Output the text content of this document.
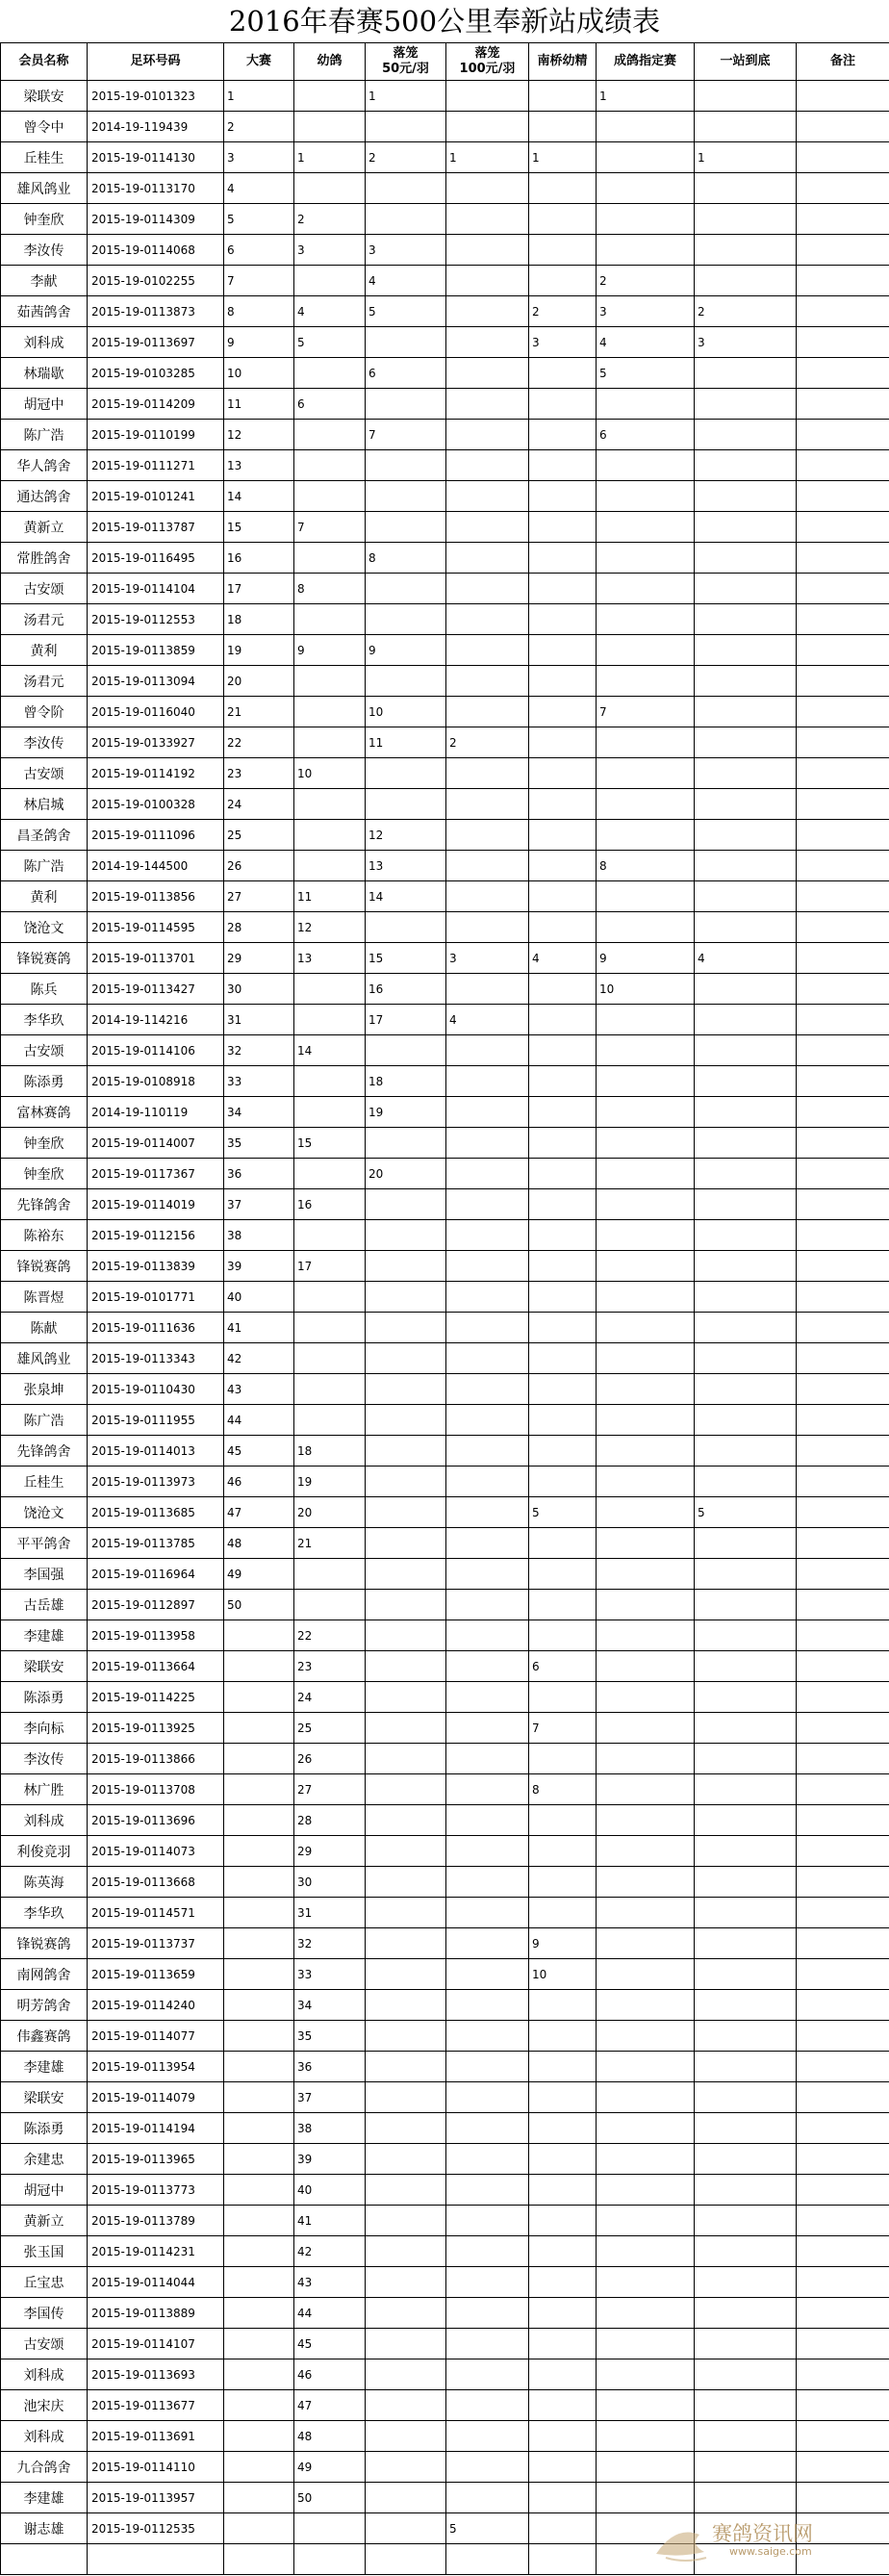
2016年春赛500公里奉新站成绩表
会员名称	足环号码	大赛	幼鸽	落笼
50元/羽	落笼
100元/羽	南桥幼精	成鸽指定赛	一站到底	备注
梁联安	2015-19-0101323	1		1			1		
曾令中	2014-19-119439	2							
丘桂生	2015-19-0114130	3	1	2	1	1		1	
雄风鸽业	2015-19-0113170	4							
钟奎欣	2015-19-0114309	5	2						
李汝传	2015-19-0114068	6	3	3					
李献	2015-19-0102255	7		4			2		
茹茜鸽舍	2015-19-0113873	8	4	5		2	3	2	
刘科成	2015-19-0113697	9	5			3	4	3	
林瑞歇	2015-19-0103285	10		6			5		
胡冠中	2015-19-0114209	11	6						
陈广浩	2015-19-0110199	12		7			6		
华人鸽舍	2015-19-0111271	13							
通达鸽舍	2015-19-0101241	14							
黄新立	2015-19-0113787	15	7						
常胜鸽舍	2015-19-0116495	16		8					
古安颂	2015-19-0114104	17	8						
汤君元	2015-19-0112553	18							
黄利	2015-19-0113859	19	9	9					
汤君元	2015-19-0113094	20							
曾令阶	2015-19-0116040	21		10			7		
李汝传	2015-19-0133927	22		11	2				
古安颂	2015-19-0114192	23	10						
林启城	2015-19-0100328	24							
昌圣鸽舍	2015-19-0111096	25		12					
陈广浩	2014-19-144500	26		13			8		
黄利	2015-19-0113856	27	11	14					
饶沧文	2015-19-0114595	28	12						
锋锐赛鸽	2015-19-0113701	29	13	15	3	4	9	4	
陈兵	2015-19-0113427	30		16			10		
李华玖	2014-19-114216	31		17	4				
古安颂	2015-19-0114106	32	14						
陈添勇	2015-19-0108918	33		18					
富林赛鸽	2014-19-110119	34		19					
钟奎欣	2015-19-0114007	35	15						
钟奎欣	2015-19-0117367	36		20					
先锋鸽舍	2015-19-0114019	37	16						
陈裕东	2015-19-0112156	38							
锋锐赛鸽	2015-19-0113839	39	17						
陈晋煜	2015-19-0101771	40							
陈献	2015-19-0111636	41							
雄风鸽业	2015-19-0113343	42							
张泉坤	2015-19-0110430	43							
陈广浩	2015-19-0111955	44							
先锋鸽舍	2015-19-0114013	45	18						
丘桂生	2015-19-0113973	46	19						
饶沧文	2015-19-0113685	47	20			5		5	
平平鸽舍	2015-19-0113785	48	21						
李国强	2015-19-0116964	49							
古岳雄	2015-19-0112897	50							
李建雄	2015-19-0113958		22						
梁联安	2015-19-0113664		23			6			
陈添勇	2015-19-0114225		24						
李向标	2015-19-0113925		25			7			
李汝传	2015-19-0113866		26						
林广胜	2015-19-0113708		27			8			
刘科成	2015-19-0113696		28						
利俊竞羽	2015-19-0114073		29						
陈英海	2015-19-0113668		30						
李华玖	2015-19-0114571		31						
锋锐赛鸽	2015-19-0113737		32			9			
南网鸽舍	2015-19-0113659		33			10			
明芳鸽舍	2015-19-0114240		34						
伟鑫赛鸽	2015-19-0114077		35						
李建雄	2015-19-0113954		36						
梁联安	2015-19-0114079		37						
陈添勇	2015-19-0114194		38						
余建忠	2015-19-0113965		39						
胡冠中	2015-19-0113773		40						
黄新立	2015-19-0113789		41						
张玉国	2015-19-0114231		42						
丘宝忠	2015-19-0114044		43						
李国传	2015-19-0113889		44						
古安颂	2015-19-0114107		45						
刘科成	2015-19-0113693		46						
池宋庆	2015-19-0113677		47						
刘科成	2015-19-0113691		48						
九合鸽舍	2015-19-0114110		49						
李建雄	2015-19-0113957		50						
谢志雄	2015-19-0112535				5				
										赛鸽资讯网
www.saige.com
